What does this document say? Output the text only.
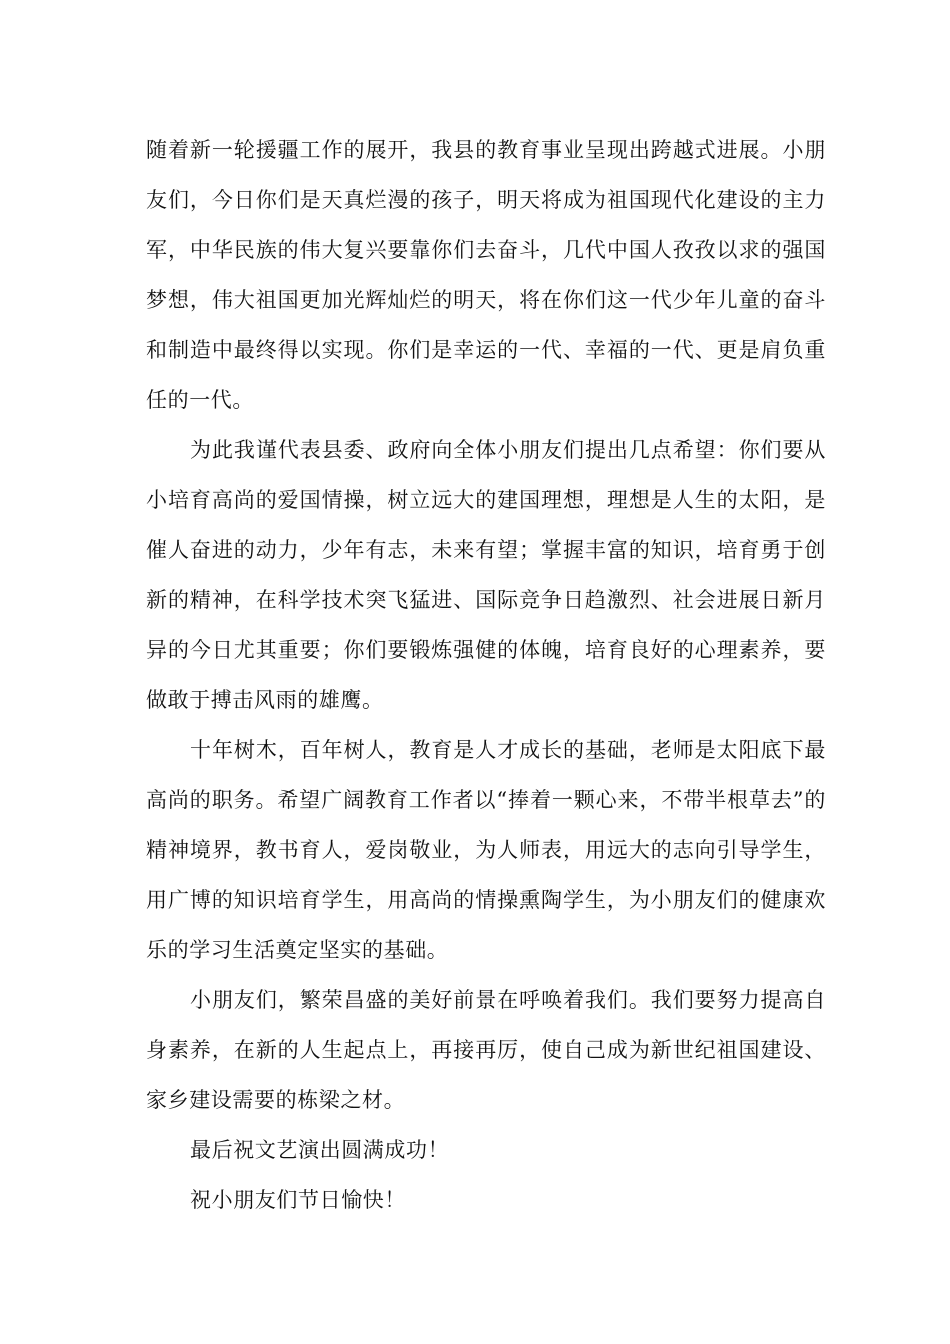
随着新一轮援疆工作的展开，我县的教育事业呈现出跨越式进展。小朋友们，今日你们是天真烂漫的孩子，明天将成为祖国现代化建设的主力军，中华民族的伟大复兴要靠你们去奋斗，几代中国人孜孜以求的强国梦想，伟大祖国更加光辉灿烂的明天，将在你们这一代少年儿童的奋斗和制造中最终得以实现。你们是幸运的一代、幸福的一代、更是肩负重任的一代。

为此我谨代表县委、政府向全体小朋友们提出几点希望：你们要从小培育高尚的爱国情操，树立远大的建国理想，理想是人生的太阳，是催人奋进的动力，少年有志，未来有望；掌握丰富的知识，培育勇于创新的精神，在科学技术突飞猛进、国际竞争日趋激烈、社会进展日新月异的今日尤其重要；你们要锻炼强健的体魄，培育良好的心理素养，要做敢于搏击风雨的雄鹰。

十年树木，百年树人，教育是人才成长的基础，老师是太阳底下最高尚的职务。希望广阔教育工作者以“捧着一颗心来，不带半根草去”的精神境界，教书育人，爱岗敬业，为人师表，用远大的志向引导学生，用广博的知识培育学生，用高尚的情操熏陶学生，为小朋友们的健康欢乐的学习生活奠定坚实的基础。

小朋友们，繁荣昌盛的美好前景在呼唤着我们。我们要努力提高自身素养，在新的人生起点上，再接再厉，使自己成为新世纪祖国建设、家乡建设需要的栋梁之材。

最后祝文艺演出圆满成功！

祝小朋友们节日愉快！
